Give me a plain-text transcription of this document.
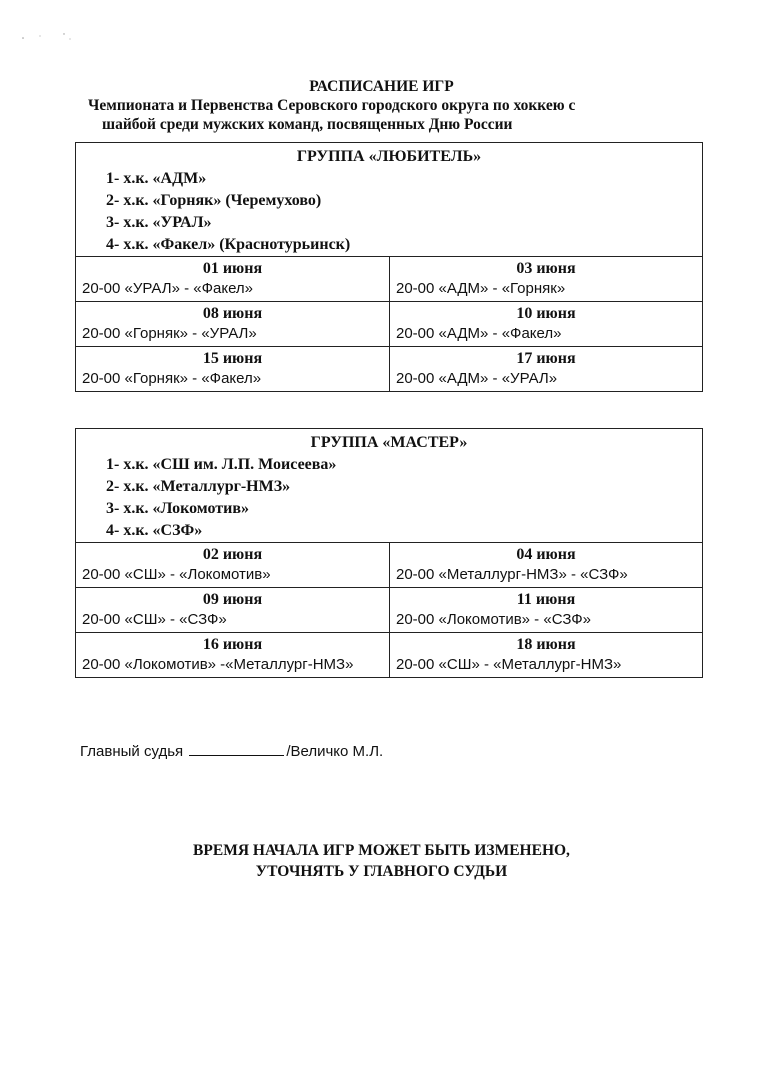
РАСПИСАНИЕ ИГР
Чемпионата и Первенства Серовского городского округа по хоккею с
шайбой среди мужских команд, посвященных Дню России
ГРУППА «ЛЮБИТЕЛЬ»
1- х.к. «АДМ»
2- х.к. «Горняк» (Черемухово)
3- х.к. «УРАЛ»
4- х.к. «Факел» (Краснотурьинск)
01 июня
20-00 «УРАЛ» - «Факел»
03 июня
20-00 «АДМ» - «Горняк»
08 июня
20-00 «Горняк» - «УРАЛ»
10 июня
20-00 «АДМ» - «Факел»
15 июня
20-00 «Горняк» - «Факел»
17 июня
20-00 «АДМ» - «УРАЛ»
ГРУППА «МАСТЕР»
1- х.к. «СШ им. Л.П. Моисеева»
2- х.к. «Металлург-НМЗ»
3- х.к. «Локомотив»
4- х.к. «СЗФ»
02 июня
20-00 «СШ» - «Локомотив»
04 июня
20-00 «Металлург-НМЗ» - «СЗФ»
09 июня
20-00 «СШ» - «СЗФ»
11 июня
20-00 «Локомотив» - «СЗФ»
16 июня
20-00 «Локомотив» -«Металлург-НМЗ»
18 июня
20-00 «СШ» - «Металлург-НМЗ»
Главный судья	/Величко М.Л.
ВРЕМЯ НАЧАЛА ИГР МОЖЕТ БЫТЬ ИЗМЕНЕНО,
УТОЧНЯТЬ У ГЛАВНОГО СУДЬИ
